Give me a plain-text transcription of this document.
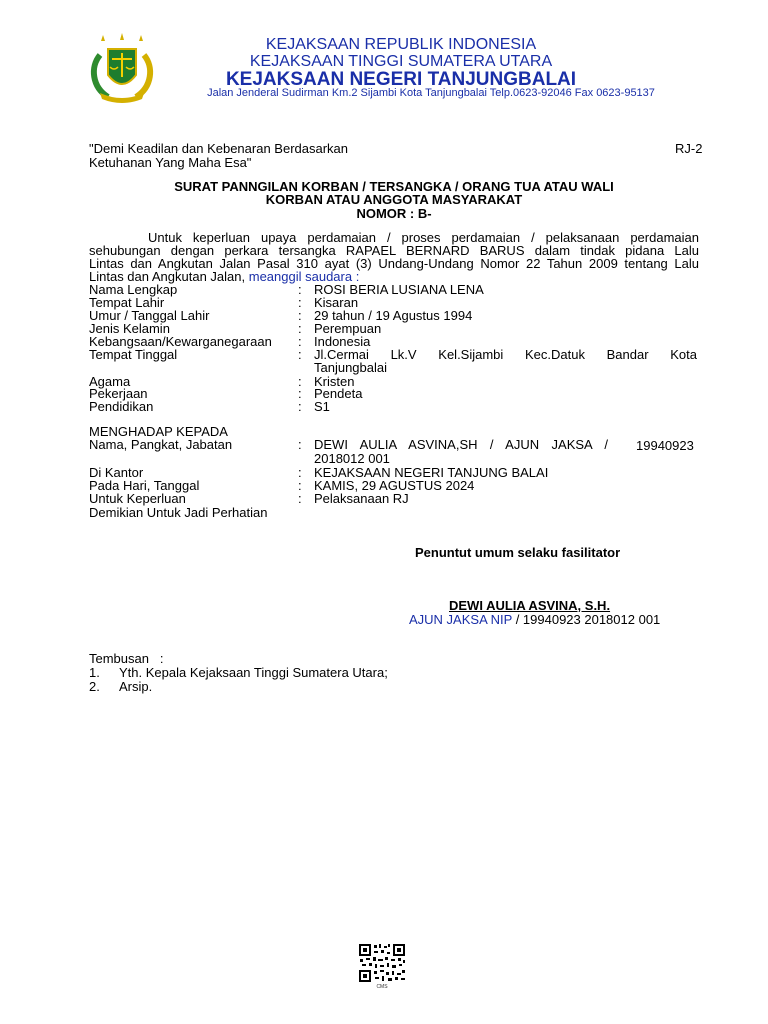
KEJAKSAAN REPUBLIK INDONESIA
KEJAKSAAN TINGGI SUMATERA UTARA
KEJAKSAAN NEGERI TANJUNGBALAI
Jalan Jenderal Sudirman Km.2 Sijambi Kota Tanjungbalai Telp.0623-92046 Fax 0623-95137
"Demi Keadilan dan Kebenaran Berdasarkan
Ketuhanan Yang Maha Esa"
RJ-2
SURAT PANNGILAN KORBAN / TERSANGKA / ORANG TUA ATAU WALI
KORBAN ATAU ANGGOTA MASYARAKAT
NOMOR : B-
Untuk keperluan upaya perdamaian / proses perdamaian / pelaksanaan perdamaian
sehubungan dengan perkara tersangka RAPAEL BERNARD BARUS dalam tindak pidana Lalu
Lintas dan Angkutan Jalan Pasal 310 ayat (3) Undang-Undang Nomor 22 Tahun 2009 tentang Lalu
Lintas dan Angkutan Jalan, meanggil saudara :
Nama Lengkap	: ROSI BERIA LUSIANA LENA
Tempat Lahir	: Kisaran
Umur / Tanggal Lahir	: 29 tahun / 19 Agustus 1994
Jenis Kelamin	: Perempuan
Kebangsaan/Kewarganegaraan : Indonesia
Tempat Tinggal	: Jl.Cermai Lk.V Kel.Sijambi Kec.Datuk Bandar Kota
Tanjungbalai
Agama	: Kristen
Pekerjaan	: Pendeta
Pendidikan	: S1
MENGHADAP KEPADA
Nama, Pangkat, Jabatan	: DEWI AULIA ASVINA,SH / AJUN JAKSA / 19940923
2018012 001
Di Kantor	: KEJAKSAAN NEGERI TANJUNG BALAI
Pada Hari, Tanggal	: KAMIS, 29 AGUSTUS 2024
Untuk Keperluan	: Pelaksanaan RJ
Demikian Untuk Jadi Perhatian
Penuntut umum selaku fasilitator
DEWI AULIA ASVINA, S.H.
AJUN JAKSA NIP / 19940923 2018012 001
Tembusan   :
1. Yth. Kepala Kejaksaan Tinggi Sumatera Utara;
2. Arsip.
CMS
